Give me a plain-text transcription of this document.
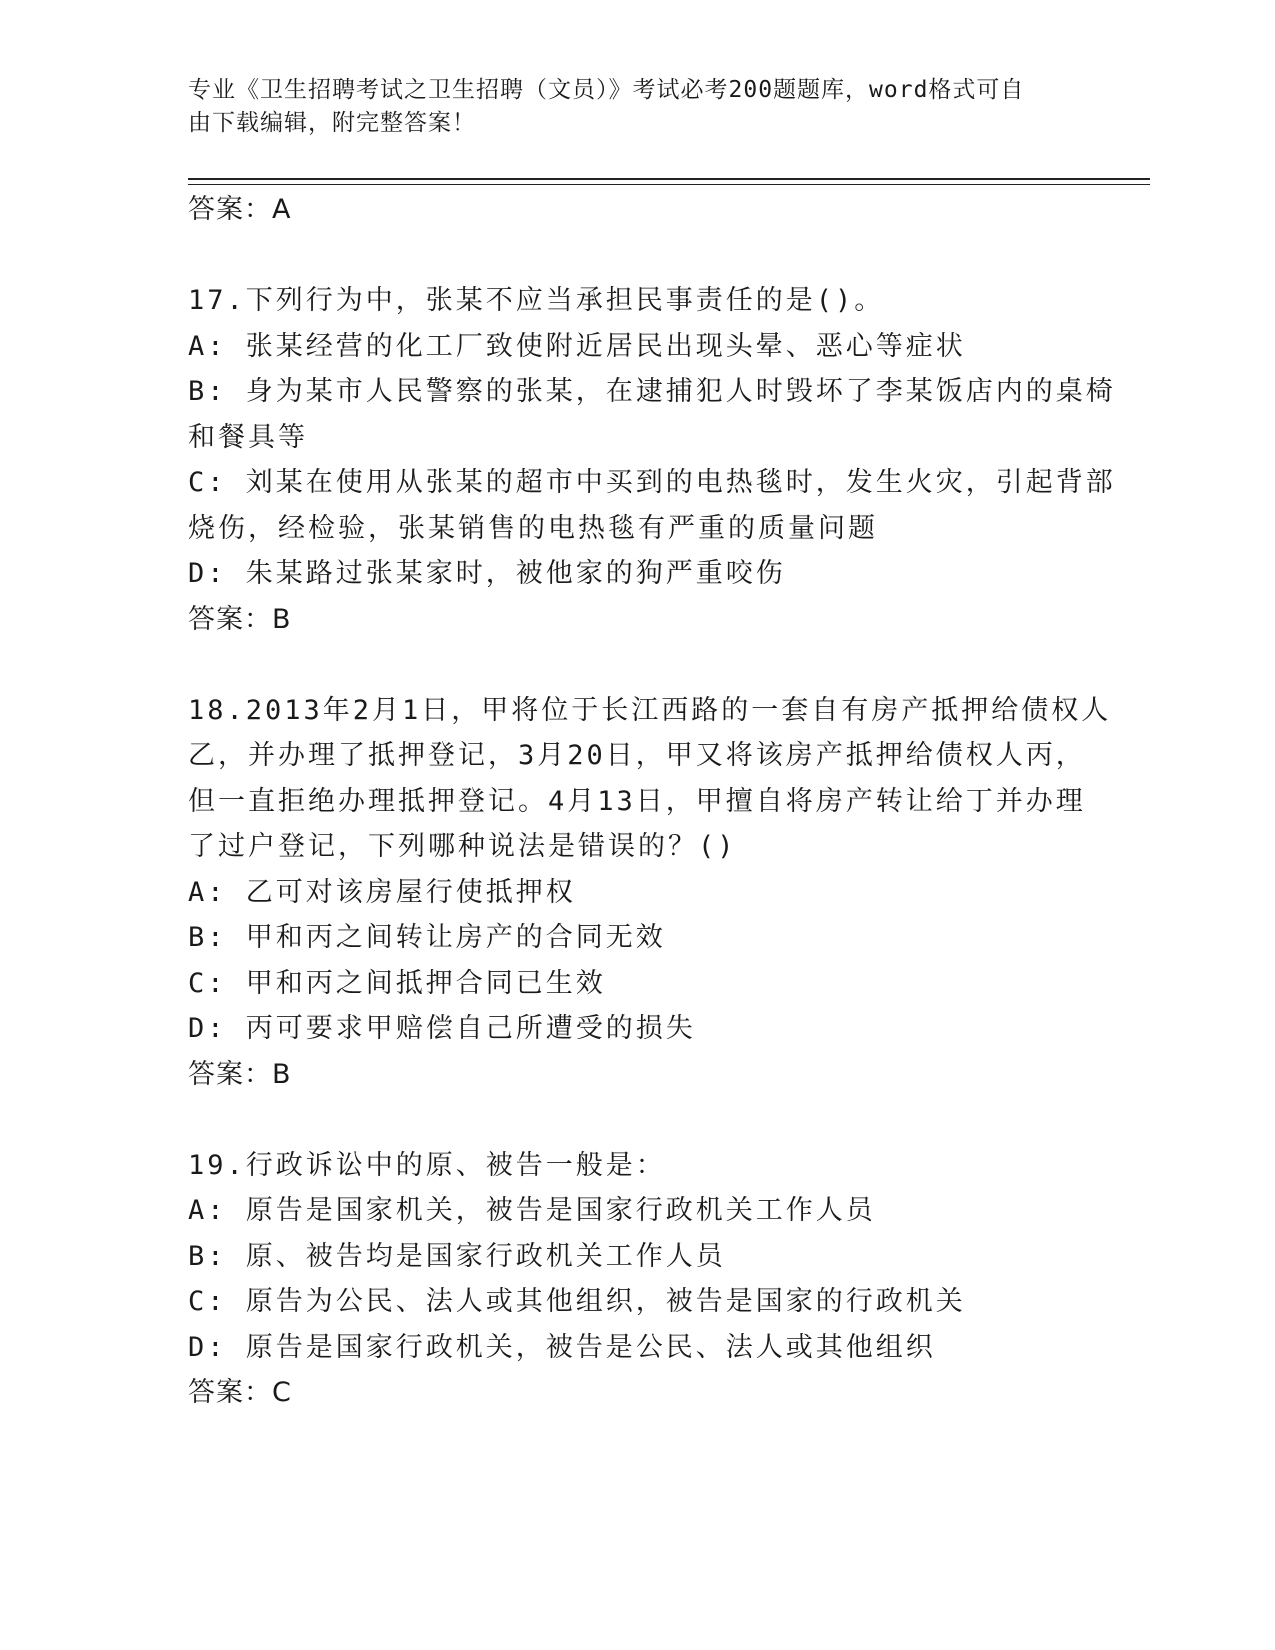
专业《卫生招聘考试之卫生招聘（文员）》考试必考200题题库，word格式可自
由下载编辑，附完整答案！
答案：A
17.下列行为中，张某不应当承担民事责任的是()。
A: 张某经营的化工厂致使附近居民出现头晕、恶心等症状
B: 身为某市人民警察的张某，在逮捕犯人时毁坏了李某饭店内的桌椅
和餐具等
C: 刘某在使用从张某的超市中买到的电热毯时，发生火灾，引起背部
烧伤，经检验，张某销售的电热毯有严重的质量问题
D: 朱某路过张某家时，被他家的狗严重咬伤
答案：B
18.2013年2月1日，甲将位于长江西路的一套自有房产抵押给债权人
乙，并办理了抵押登记，3月20日，甲又将该房产抵押给债权人丙，
但一直拒绝办理抵押登记。4月13日，甲擅自将房产转让给丁并办理
了过户登记，下列哪种说法是错误的？()
A: 乙可对该房屋行使抵押权
B: 甲和丙之间转让房产的合同无效
C: 甲和丙之间抵押合同已生效
D: 丙可要求甲赔偿自己所遭受的损失
答案：B
19.行政诉讼中的原、被告一般是：
A: 原告是国家机关，被告是国家行政机关工作人员
B: 原、被告均是国家行政机关工作人员
C: 原告为公民、法人或其他组织，被告是国家的行政机关
D: 原告是国家行政机关，被告是公民、法人或其他组织
答案：C
